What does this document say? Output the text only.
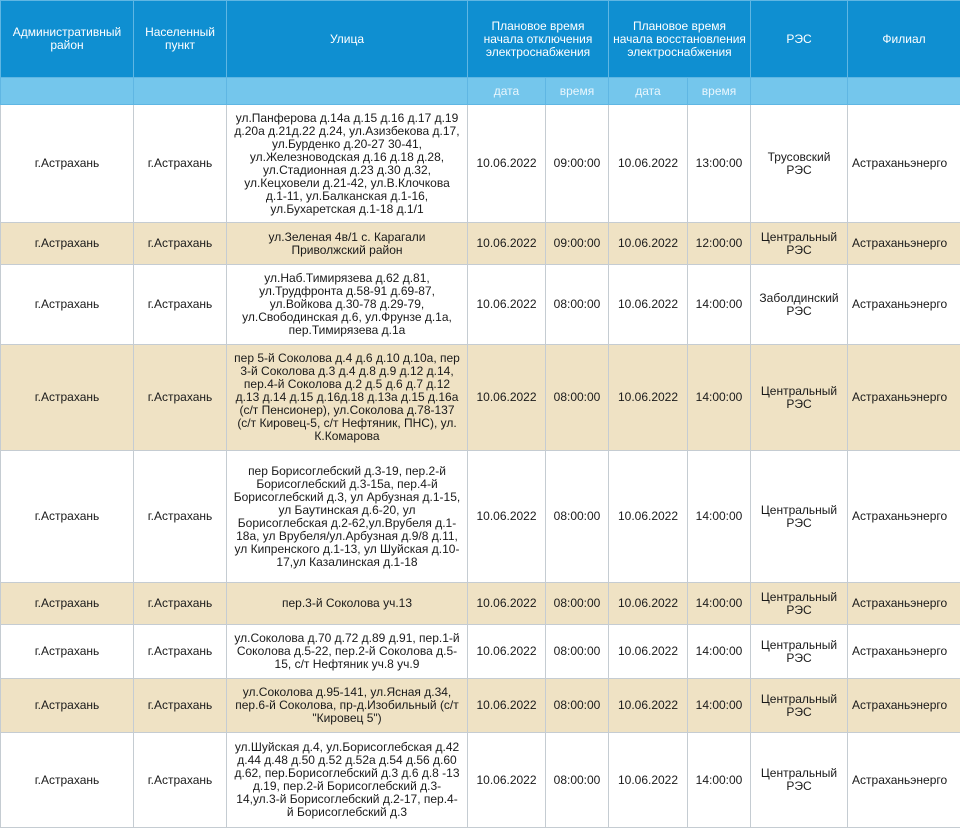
Административный район	Населенный пункт	Улица	Плановое время начала отключения электроснабжения		Плановое время начала восстановления электроснабжения		РЭС	Филиал
			дата	время	дата	время		
г.Астрахань	г.Астрахань	ул.Панферова д.14а д.15 д.16 д.17 д.19 д.20а д.21д.22 д.24, ул.Азизбекова д.17, ул.Бурденко д.20-27 30-41, ул.Железноводская д.16 д.18 д.28, ул.Стадионная д.23 д.30 д.32, ул.Кецховели д.21-42, ул.В.Клочкова д.1-11, ул.Балканская д.1-16, ул.Бухаретская д.1-18 д.1/1	10.06.2022	09:00:00	10.06.2022	13:00:00	Трусовский РЭС	Астраханьэнерго
г.Астрахань	г.Астрахань	ул.Зеленая 4в/1 с. Карагали Приволжский район	10.06.2022	09:00:00	10.06.2022	12:00:00	Центральный РЭС	Астраханьэнерго
г.Астрахань	г.Астрахань	ул.Наб.Тимирязева д.62 д.81, ул.Трудфронта д.58-91 д.69-87, ул.Войкова д.30-78 д.29-79, ул.Свободинская д.6, ул.Фрунзе д.1а, пер.Тимирязева д.1а	10.06.2022	08:00:00	10.06.2022	14:00:00	Заболдинский РЭС	Астраханьэнерго
г.Астрахань	г.Астрахань	пер 5-й Соколова д.4 д.6 д.10 д.10а, пер 3-й Соколова д.3 д.4 д.8 д.9 д.12 д.14, пер.4-й Соколова д.2 д.5 д.6 д.7 д.12 д.13 д.14 д.15 д.16д.18 д.13а д.15 д.16а (с/т Пенсионер), ул.Соколова д.78-137 (с/т Кировец-5, с/т Нефтяник, ПНС), ул. К.Комарова	10.06.2022	08:00:00	10.06.2022	14:00:00	Центральный РЭС	Астраханьэнерго
г.Астрахань	г.Астрахань	пер Борисоглебский д.3-19, пер.2-й Борисоглебский д.3-15а, пер.4-й Борисоглебский д.3, ул Арбузная д.1-15, ул Баутинская д.6-20, ул Борисоглебская д.2-62,ул.Врубеля д.1-18а, ул Врубеля/ул.Арбузная д.9/8 д.11, ул Кипренского д.1-13, ул Шуйская д.10-17,ул Казалинская д.1-18	10.06.2022	08:00:00	10.06.2022	14:00:00	Центральный РЭС	Астраханьэнерго
г.Астрахань	г.Астрахань	пер.3-й Соколова уч.13	10.06.2022	08:00:00	10.06.2022	14:00:00	Центральный РЭС	Астраханьэнерго
г.Астрахань	г.Астрахань	ул.Соколова д.70 д.72 д.89 д.91, пер.1-й Соколова д.5-22, пер.2-й Соколова д.5-15, с/т Нефтяник уч.8 уч.9	10.06.2022	08:00:00	10.06.2022	14:00:00	Центральный РЭС	Астраханьэнерго
г.Астрахань	г.Астрахань	ул.Соколова д.95-141, ул.Ясная д.34, пер.6-й Соколова, пр-д.Изобильный (с/т "Кировец 5")	10.06.2022	08:00:00	10.06.2022	14:00:00	Центральный РЭС	Астраханьэнерго
г.Астрахань	г.Астрахань	ул.Шуйская д.4, ул.Борисоглебская д.42 д.44 д.48 д.50 д.52 д.52а д.54 д.56 д.60 д.62, пер.Борисоглебский д.3 д.6 д.8 -13 д.19, пер.2-й Борисоглебский д.3-14,ул.3-й Борисоглебский д.2-17, пер.4-й Борисоглебский д.3	10.06.2022	08:00:00	10.06.2022	14:00:00	Центральный РЭС	Астраханьэнерго
